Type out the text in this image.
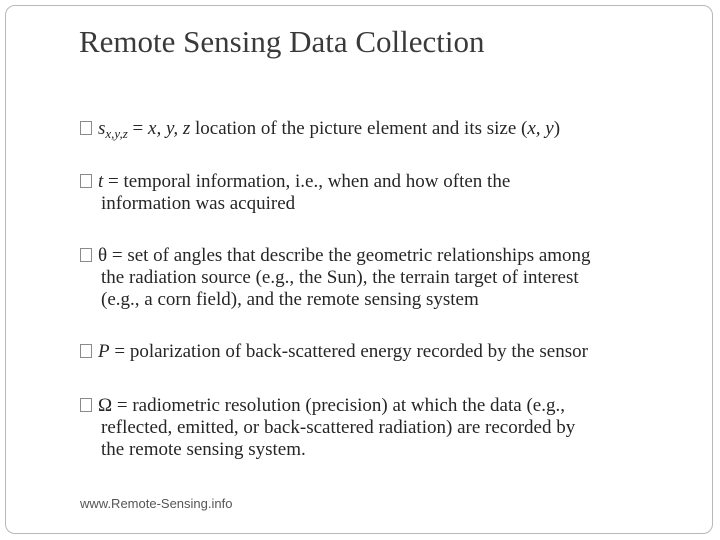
Remote Sensing Data Collection
$s_{x,y,z} = x$, y, z location of the picture element and its size (x, y)
t = temporal information, i.e., when and how often the
information was acquired
θ = set of angles that describe the geometric relationships among
the radiation source (e.g., the Sun), the terrain target of interest
(e.g., a corn field), and the remote sensing system
P = polarization of back-scattered energy recorded by the sensor
Ω = radiometric resolution (precision) at which the data (e.g.,
reflected, emitted, or back-scattered radiation) are recorded by
the remote sensing system.
www.Remote-Sensing.info
